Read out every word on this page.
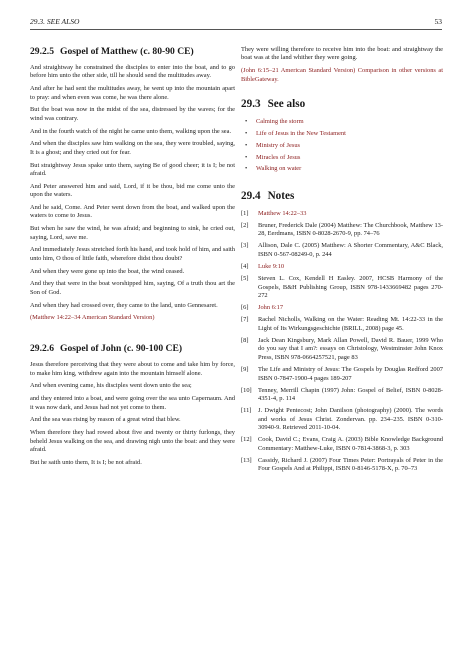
29.3. SEE ALSO	53
29.2.5 Gospel of Matthew (c. 80-90 CE)

And straightway he constrained the disciples to enter into the boat, and to go before him unto the other side, till he should send the multitudes away.

And after he had sent the multitudes away, he went up into the mountain apart to pray: and when even was come, he was there alone.

But the boat was now in the midst of the sea, distressed by the waves; for the wind was contrary.

And in the fourth watch of the night he came unto them, walking upon the sea.

And when the disciples saw him walking on the sea, they were troubled, saying, It is a ghost; and they cried out for fear.

But straightway Jesus spake unto them, saying Be of good cheer; it is I; be not afraid.

And Peter answered him and said, Lord, if it be thou, bid me come unto the upon the waters.

And he said, Come. And Peter went down from the boat, and walked upon the waters to come to Jesus.

But when he saw the wind, he was afraid; and beginning to sink, he cried out, saying, Lord, save me.

And immediately Jesus stretched forth his hand, and took hold of him, and saith unto him, O thou of little faith, wherefore didst thou doubt?

And when they were gone up into the boat, the wind ceased.

And they that were in the boat worshipped him, saying, Of a truth thou art the Son of God.

And when they had crossed over, they came to the land, unto Gennesaret.

(Matthew 14:22–34 American Standard Version)

29.2.6 Gospel of John (c. 90-100 CE)

Jesus therefore perceiving that they were about to come and take him by force, to make him king, withdrew again into the mountain himself alone.

And when evening came, his disciples went down unto the sea;

and they entered into a boat, and were going over the sea unto Capernaum. And it was now dark, and Jesus had not yet come to them.

And the sea was rising by reason of a great wind that blew.

When therefore they had rowed about five and twenty or thirty furlongs, they beheld Jesus walking on the sea, and drawing nigh unto the boat: and they were afraid.

But he saith unto them, It is I; be not afraid.

They were willing therefore to receive him into the boat: and straightway the boat was at the land whither they were going.

(John 6:15–21 American Standard Version) Comparison in other versions at BibleGateway.

29.3 See also
• Calming the storm
• Life of Jesus in the New Testament
• Ministry of Jesus
• Miracles of Jesus
• Walking on water
29.4 Notes
[1]	Matthew 14:22–33
[2]	Bruner, Frederick Dale (2004) Matthew: The Churchbook, Matthew 13-28, Eerdmans, ISBN 0-8028-2670-9, pp. 74–76
[3]	Allison, Dale C. (2005) Matthew: A Shorter Commentary, A&C Black, ISBN 0-567-08249-0, p. 244
[4]	Luke 9:10
[5]	Steven L. Cox, Kendell H Easley. 2007, HCSB Harmony of the Gospels, B&H Publishing Group, ISBN 978-1433669482 pages 270-272
[6]	John 6:17
[7]	Rachel Nicholls, Walking on the Water: Reading Mt. 14:22-33 in the Light of Its Wirkungsgeschichte (BRILL, 2008) page 45.
[8]	Jack Dean Kingsbury, Mark Allan Powell, David R. Bauer, 1999 Who do you say that I am?: essays on Christology, Westminster John Knox Press, ISBN 978-0664257521, page 83
[9]	The Life and Ministry of Jesus: The Gospels by Douglas Redford 2007 ISBN 0-7847-1900-4 pages 189-207
[10] Tenney, Merrill Chapin (1997) John: Gospel of Belief, ISBN 0-8028-4351-4, p. 114
[11]	J. Dwight Pentecost; John Danilson (photography) (2000). The words and works of Jesus Christ. Zondervan. pp. 234–235. ISBN 0-310-30940-9. Retrieved 2011-10-04.
[12] Cook, David C.; Evans, Craig A. (2003) Bible Knowledge Background Commentary: Matthew-Luke, ISBN 0-7814-3868-3, p. 303
[13] Cassidy, Richard J. (2007) Four Times Peter: Portrayals of Peter in the Four Gospels And at Philippi, ISBN 0-8146-5178-X, p. 70–73
